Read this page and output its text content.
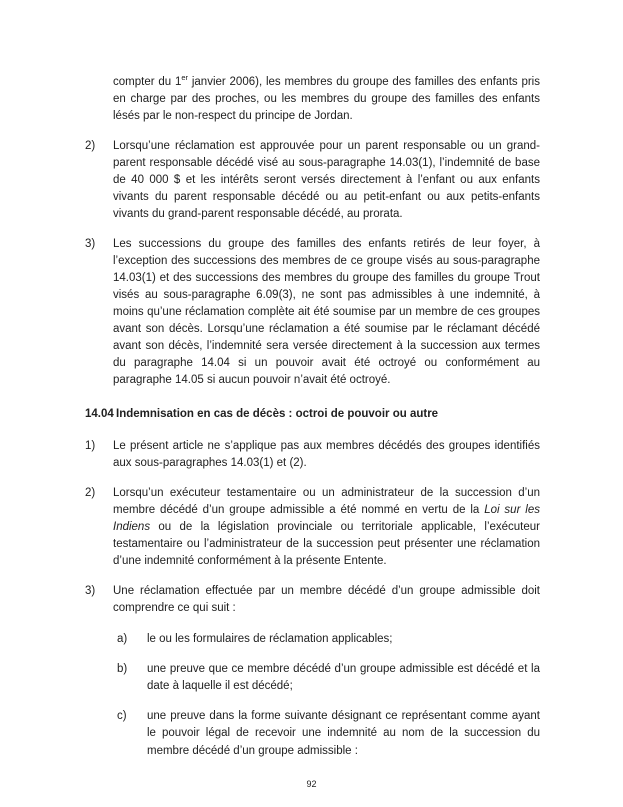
compter du 1er janvier 2006), les membres du groupe des familles des enfants pris en charge par des proches, ou les membres du groupe des familles des enfants lésés par le non-respect du principe de Jordan.

2)	Lorsqu’une réclamation est approuvée pour un parent responsable ou un grand-parent responsable décédé visé au sous-paragraphe 14.03(1), l’indemnité de base de 40 000 $ et les intérêts seront versés directement à l’enfant ou aux enfants vivants du parent responsable décédé ou au petit-enfant ou aux petits-enfants vivants du grand-parent responsable décédé, au prorata.
3)	Les successions du groupe des familles des enfants retirés de leur foyer, à l’exception des successions des membres de ce groupe visés au sous-paragraphe 14.03(1) et des successions des membres du groupe des familles du groupe Trout visés au sous-paragraphe 6.09(3), ne sont pas admissibles à une indemnité, à moins qu’une réclamation complète ait été soumise par un membre de ces groupes avant son décès. Lorsqu’une réclamation a été soumise par le réclamant décédé avant son décès, l’indemnité sera versée directement à la succession aux termes du paragraphe 14.04 si un pouvoir avait été octroyé ou conformément au paragraphe 14.05 si aucun pouvoir n’avait été octroyé.
14.04 Indemnisation en cas de décès : octroi de pouvoir ou autre
1)	Le présent article ne s’applique pas aux membres décédés des groupes identifiés aux sous-paragraphes 14.03(1) et (2).
2)	Lorsqu’un exécuteur testamentaire ou un administrateur de la succession d’un membre décédé d’un groupe admissible a été nommé en vertu de la Loi sur les Indiens ou de la législation provinciale ou territoriale applicable, l’exécuteur testamentaire ou l’administrateur de la succession peut présenter une réclamation d’une indemnité conformément à la présente Entente.
3)	Une réclamation effectuée par un membre décédé d’un groupe admissible doit comprendre ce qui suit :
a)	le ou les formulaires de réclamation applicables;
b)	une preuve que ce membre décédé d’un groupe admissible est décédé et la date à laquelle il est décédé;
c)	une preuve dans la forme suivante désignant ce représentant comme ayant le pouvoir légal de recevoir une indemnité au nom de la succession du membre décédé d’un groupe admissible :
92
